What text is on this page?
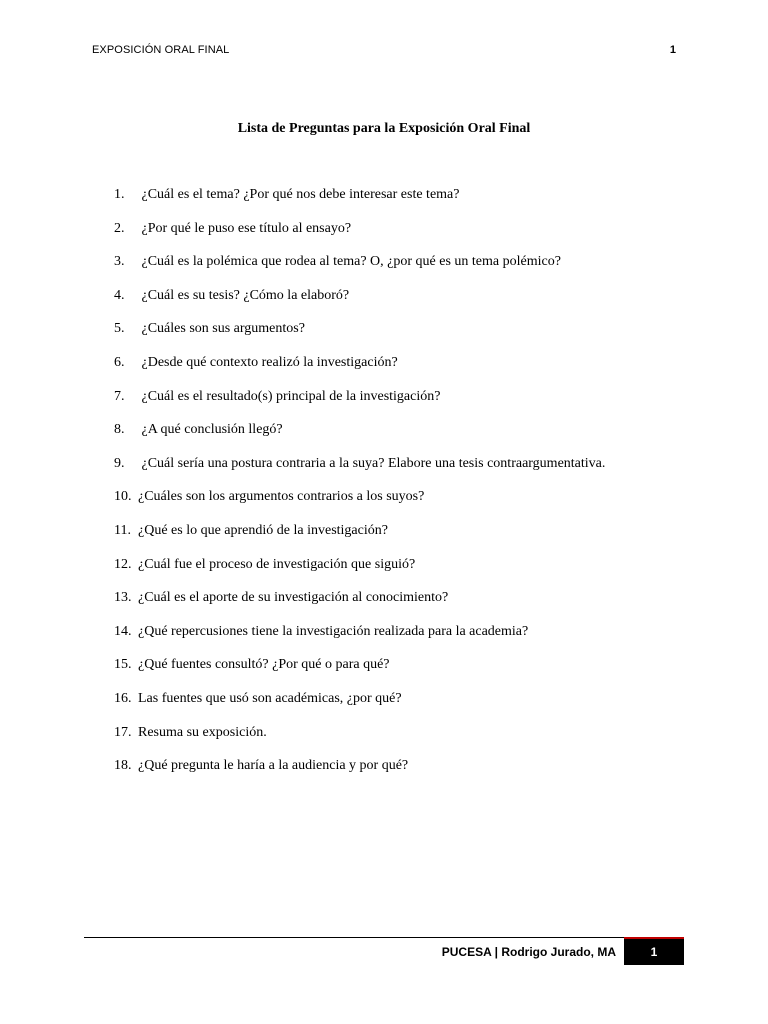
EXPOSICIÓN ORAL FINAL	1
Lista de Preguntas para la Exposición Oral Final
1. ¿Cuál es el tema? ¿Por qué nos debe interesar este tema?
2. ¿Por qué le puso ese título al ensayo?
3. ¿Cuál es la polémica que rodea al tema? O, ¿por qué es un tema polémico?
4. ¿Cuál es su tesis? ¿Cómo la elaboró?
5. ¿Cuáles son sus argumentos?
6. ¿Desde qué contexto realizó la investigación?
7. ¿Cuál es el resultado(s) principal de la investigación?
8. ¿A qué conclusión llegó?
9. ¿Cuál sería una postura contraria a la suya? Elabore una tesis contraargumentativa.
10. ¿Cuáles son los argumentos contrarios a los suyos?
11. ¿Qué es lo que aprendió de la investigación?
12. ¿Cuál fue el proceso de investigación que siguió?
13. ¿Cuál es el aporte de su investigación al conocimiento?
14. ¿Qué repercusiones tiene la investigación realizada para la academia?
15. ¿Qué fuentes consultó? ¿Por qué o para qué?
16. Las fuentes que usó son académicas, ¿por qué?
17. Resuma su exposición.
18. ¿Qué pregunta le haría a la audiencia y por qué?
PUCESA | Rodrigo Jurado, MA	1
